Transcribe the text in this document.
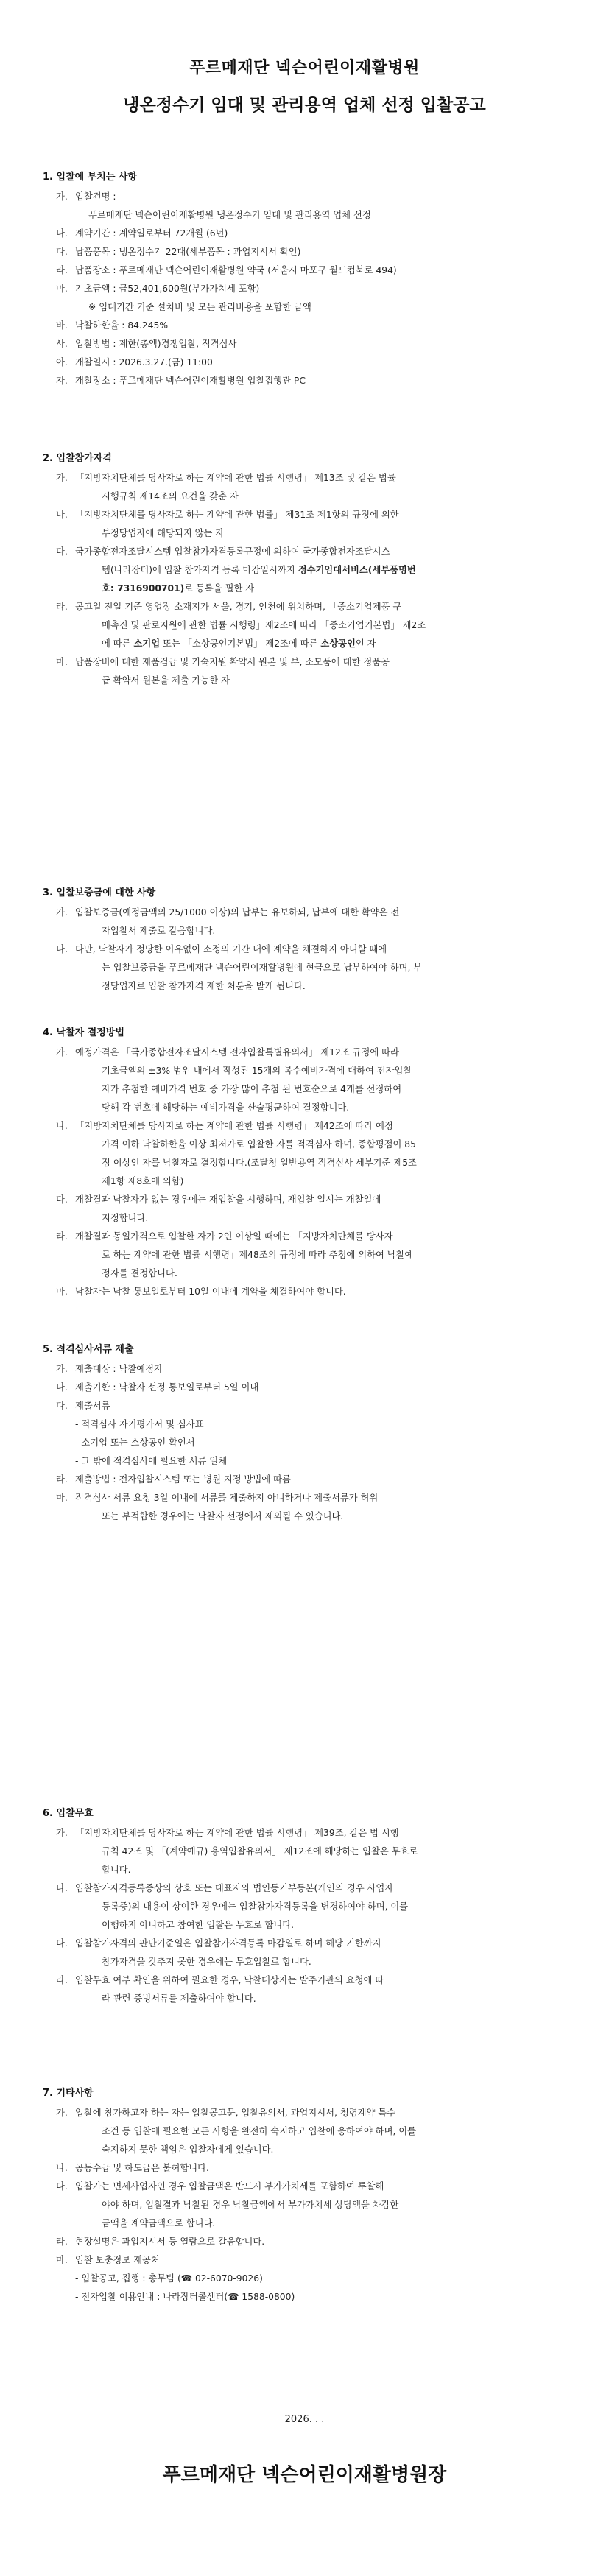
푸르메재단 넥슨어린이재활병원
냉온정수기 임대 및 관리용역 업체 선정 입찰공고
1. 입찰에 부치는 사항
가. 입찰건명 :
푸르메재단 넥슨어린이재활병원 냉온정수기 임대 및 관리용역 업체 선정
나. 계약기간 : 계약일로부터 72개월 (6년)
다. 납품품목 : 냉온정수기 22대(세부품목 : 과업지시서 확인)
라. 납품장소 : 푸르메재단 넥슨어린이재활병원 약국 (서울시 마포구 월드컵북로 494)
마. 기초금액 : 금52,401,600원(부가가치세 포함)
※ 임대기간 기준 설치비 및 모든 관리비용을 포함한 금액
바. 낙찰하한율 : 84.245%
사. 입찰방법 : 제한(총액)경쟁입찰, 적격심사
아. 개찰일시 : 2026.3.27.(금) 11:00
자. 개찰장소 : 푸르메재단 넥슨어린이재활병원 입찰집행관 PC
2. 입찰참가자격
가. 「지방자치단체를 당사자로 하는 계약에 관한 법률 시행령」 제13조 및 같은 법률
시행규칙 제14조의 요건을 갖춘 자
나. 「지방자치단체를 당사자로 하는 계약에 관한 법률」 제31조 제1항의 규정에 의한
부정당업자에 해당되지 않는 자
다. 국가종합전자조달시스템 입찰참가자격등록규정에 의하여 국가종합전자조달시스
템(나라장터)에 입찰 참가자격 등록 마감일시까지 정수기임대서비스(세부품명번
호: 7316900701)로 등록을 필한 자
라. 공고일 전일 기준 영업장 소재지가 서울, 경기, 인천에 위치하며, 「중소기업제품 구
매촉진 및 판로지원에 관한 법률 시행령」제2조에 따라 「중소기업기본법」 제2조
에 따른 소기업 또는 「소상공인기본법」 제2조에 따른 소상공인인 자
마. 납품장비에 대한 제품검급 및 기술지원 확약서 원본 및 부, 소모품에 대한 정품공
급 확약서 원본을 제출 가능한 자
3. 입찰보증금에 대한 사항
가. 입찰보증금(예정금액의 25/1000 이상)의 납부는 유보하되, 납부에 대한 확약은 전
자입찰서 제출로 갈음합니다.
나. 다만, 낙찰자가 정당한 이유없이 소정의 기간 내에 계약을 체결하지 아니할 때에
는 입찰보증금을 푸르메재단 넥슨어린이재활병원에 현금으로 납부하여야 하며, 부
정당업자로 입찰 참가자격 제한 처분을 받게 됩니다.
4. 낙찰자 결정방법
가. 예정가격은 「국가종합전자조달시스템 전자입찰특별유의서」 제12조 규정에 따라
기초금액의 ±3% 범위 내에서 작성된 15개의 복수예비가격에 대하여 전자입찰
자가 추첨한 예비가격 번호 중 가장 많이 추첨 된 번호순으로 4개를 선정하여
당해 각 번호에 해당하는 예비가격을 산술평균하여 결정합니다.
나. 「지방자치단체를 당사자로 하는 계약에 관한 법률 시행령」 제42조에 따라 예정
가격 이하 낙찰하한율 이상 최저가로 입찰한 자를 적격심사 하며, 종합평점이 85
점 이상인 자를 낙찰자로 결정합니다.(조달청 일반용역 적격심사 세부기준 제5조
제1항 제8호에 의함)
다. 개찰결과 낙찰자가 없는 경우에는 재입찰을 시행하며, 재입찰 일시는 개찰일에
지정합니다.
라. 개찰결과 동일가격으로 입찰한 자가 2인 이상일 때에는 「지방자치단체를 당사자
로 하는 계약에 관한 법률 시행령」제48조의 규정에 따라 추첨에 의하여 낙찰예
정자를 결정합니다.
마. 낙찰자는 낙찰 통보일로부터 10일 이내에 계약을 체결하여야 합니다.
5. 적격심사서류 제출
가. 제출대상 : 낙찰예정자
나. 제출기한 : 낙찰자 선정 통보일로부터 5일 이내
다. 제출서류
- 적격심사 자기평가서 및 심사표
- 소기업 또는 소상공인 확인서
- 그 밖에 적격심사에 필요한 서류 일체
라. 제출방법 : 전자입찰시스템 또는 병원 지정 방법에 따름
마. 적격심사 서류 요청 3일 이내에 서류를 제출하지 아니하거나 제출서류가 허위
또는 부적합한 경우에는 낙찰자 선정에서 제외될 수 있습니다.
6. 입찰무효
가. 「지방자치단체를 당사자로 하는 계약에 관한 법률 시행령」 제39조, 같은 법 시행
규칙 42조 및 「(계약예규) 용역입찰유의서」 제12조에 해당하는 입찰은 무효로
합니다.
나. 입찰참가자격등록증상의 상호 또는 대표자와 법인등기부등본(개인의 경우 사업자
등록증)의 내용이 상이한 경우에는 입찰참가자격등록을 변경하여야 하며, 이를
이행하지 아니하고 참여한 입찰은 무효로 합니다.
다. 입찰참가자격의 판단기준일은 입찰참가자격등록 마감일로 하며 해당 기한까지
참가자격을 갖추지 못한 경우에는 무효입찰로 합니다.
라. 입찰무효 여부 확인을 위하여 필요한 경우, 낙찰대상자는 발주기관의 요청에 따
라 관련 증빙서류를 제출하여야 합니다.
7. 기타사항
가. 입찰에 참가하고자 하는 자는 입찰공고문, 입찰유의서, 과업지시서, 청렴계약 특수
조건 등 입찰에 필요한 모든 사항을 완전히 숙지하고 입찰에 응하여야 하며, 이를
숙지하지 못한 책임은 입찰자에게 있습니다.
나. 공동수급 및 하도급은 불허합니다.
다. 입찰가는 면세사업자인 경우 입찰금액은 반드시 부가가치세를 포함하여 투찰해
야야 하며, 입찰결과 낙찰된 경우 낙찰금액에서 부가가치세 상당액을 차감한
금액을 계약금액으로 합니다.
라. 현장설명은 과업지시서 등 열람으로 갈음합니다.
마. 입찰 보충정보 제공처
- 입찰공고, 집행 : 총무팀 (☎ 02-6070-9026)
- 전자입찰 이용안내 : 나라장터콜센터(☎ 1588-0800)
2026. . .
푸르메재단 넥슨어린이재활병원장
